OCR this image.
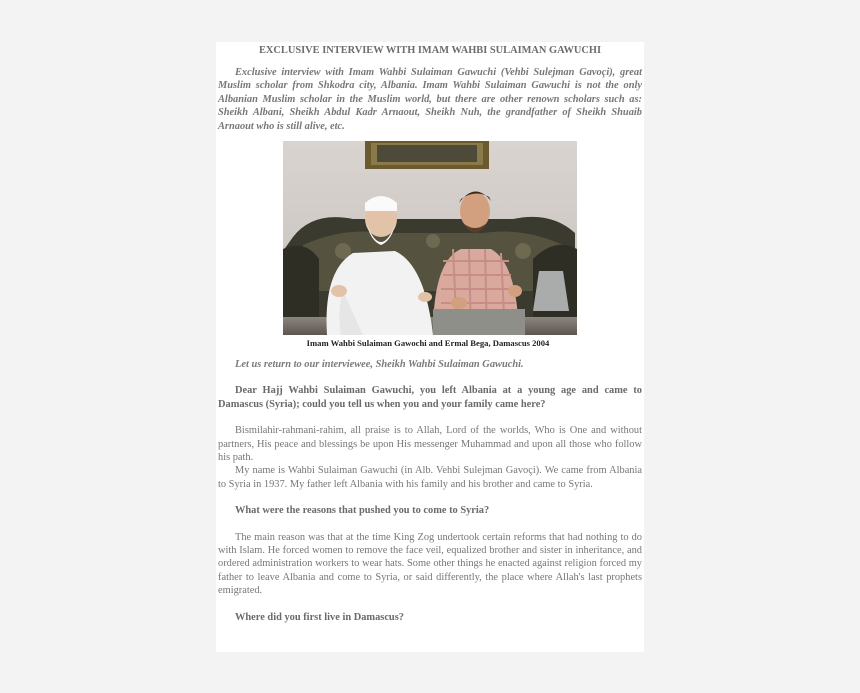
EXCLUSIVE INTERVIEW WITH IMAM WAHBI SULAIMAN GAWUCHI

Exclusive interview with Imam Wahbi Sulaiman Gawuchi (Vehbi Sulejman Gavoçi), great Muslim scholar from Shkodra city, Albania. Imam Wahbi Sulaiman Gawuchi is not the only Albanian Muslim scholar in the Muslim world, but there are other renown scholars such as: Sheikh Albani, Sheikh Abdul Kadr Arnaout, Sheikh Nuh, the grandfather of Sheikh Shuaib Arnaout who is still alive, etc.

Imam Wahbi Sulaiman Gawochi and Ermal Bega, Damascus 2004

Let us return to our interviewee, Sheikh Wahbi Sulaiman Gawuchi.

Dear Hajj Wahbi Sulaiman Gawuchi, you left Albania at a young age and came to Damascus (Syria); could you tell us when you and your family came here?

Bismilahir-rahmani-rahim, all praise is to Allah, Lord of the worlds, Who is One and without partners, His peace and blessings be upon His messenger Muhammad and upon all those who follow his path.

My name is Wahbi Sulaiman Gawuchi (in Alb. Vehbi Sulejman Gavoçi). We came from Albania to Syria in 1937. My father left Albania with his family and his brother and came to Syria.

What were the reasons that pushed you to come to Syria?

The main reason was that at the time King Zog undertook certain reforms that had nothing to do with Islam. He forced women to remove the face veil, equalized brother and sister in inheritance, and ordered administration workers to wear hats. Some other things he enacted against religion forced my father to leave Albania and come to Syria, or said differently, the place where Allah's last prophets emigrated.

Where did you first live in Damascus?
